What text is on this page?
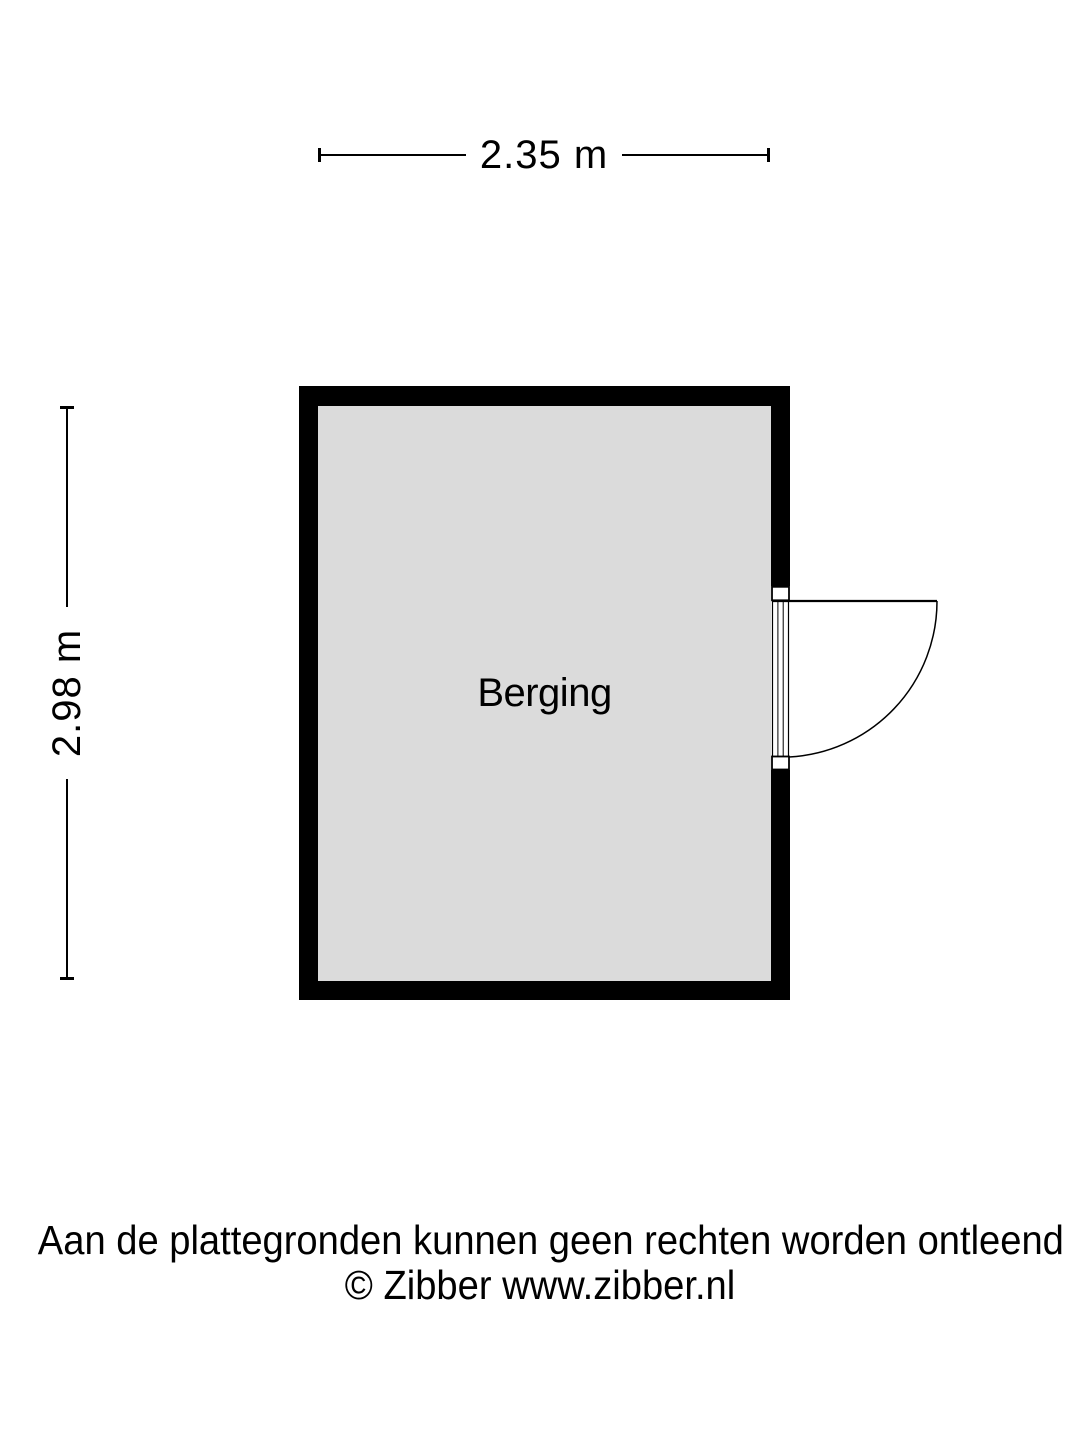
2.35 m
2.98 m	Berging
Aan de plattegronden kunnen geen rechten worden ontleend
© Zibber www.zibber.nl
